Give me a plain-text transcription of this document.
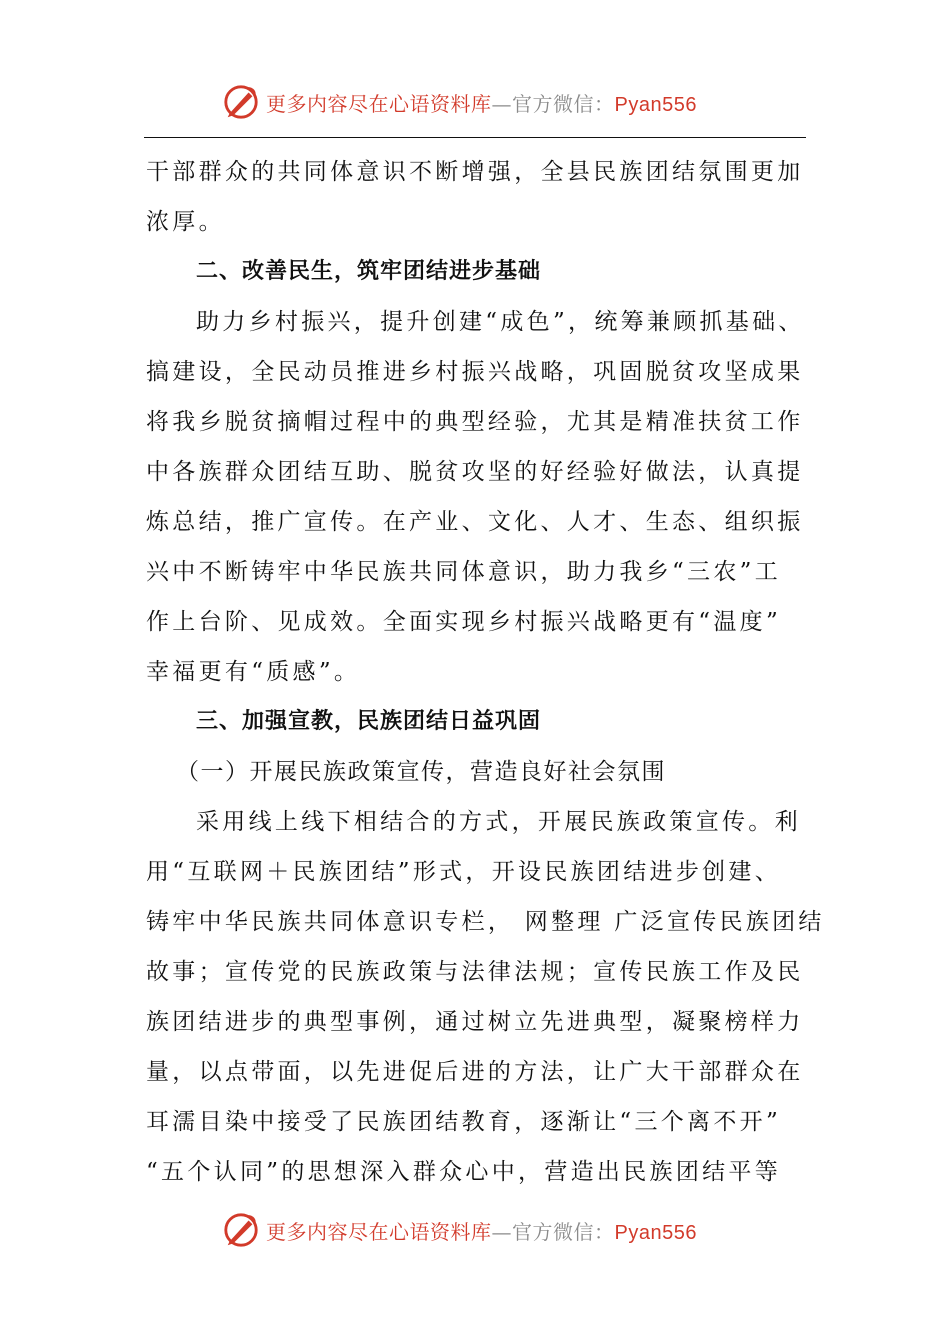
更多内容尽在心语资料库—官方微信：Pyan556
干部群众的共同体意识不断增强，全县民族团结氛围更加
浓厚。
二、改善民生，筑牢团结进步基础
助力乡村振兴，提升创建“成色”，统筹兼顾抓基础、
搞建设，全民动员推进乡村振兴战略，巩固脱贫攻坚成果
将我乡脱贫摘帽过程中的典型经验，尤其是精准扶贫工作
中各族群众团结互助、脱贫攻坚的好经验好做法，认真提
炼总结，推广宣传。在产业、文化、人才、生态、组织振
兴中不断铸牢中华民族共同体意识，助力我乡“三农”工
作上台阶、见成效。全面实现乡村振兴战略更有“温度”
幸福更有“质感”。
三、加强宣教，民族团结日益巩固
（一）开展民族政策宣传，营造良好社会氛围
采用线上线下相结合的方式，开展民族政策宣传。利
用“互联网＋民族团结”形式，开设民族团结进步创建、
铸牢中华民族共同体意识专栏， 网整理 广泛宣传民族团结
故事；宣传党的民族政策与法律法规；宣传民族工作及民
族团结进步的典型事例，通过树立先进典型，凝聚榜样力
量，以点带面，以先进促后进的方法，让广大干部群众在
耳濡目染中接受了民族团结教育，逐渐让“三个离不开”
“五个认同”的思想深入群众心中，营造出民族团结平等
更多内容尽在心语资料库—官方微信：Pyan556
